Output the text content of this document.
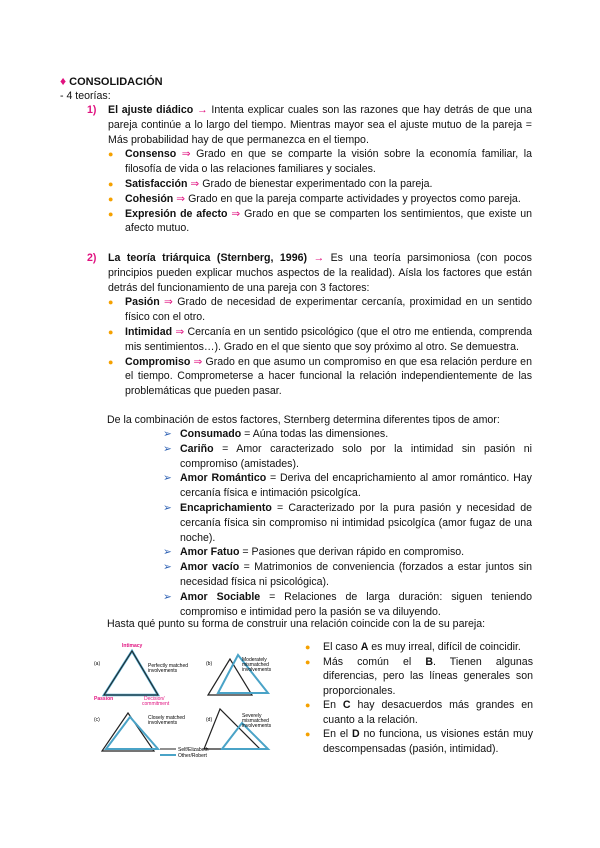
♦ CONSOLIDACIÓN
- 4 teorías:
1) El ajuste diádico → Intenta explicar cuales son las razones que hay detrás de que una pareja continúe a lo largo del tiempo. Mientras mayor sea el ajuste mutuo de la pareja = Más probabilidad hay de que permanezca en el tiempo.
● Consenso ⇒ Grado en que se comparte la visión sobre la economía familiar, la filosofía de vida o las relaciones familiares y sociales.
● Satisfacción ⇒ Grado de bienestar experimentado con la pareja.
● Cohesión ⇒ Grado en que la pareja comparte actividades y proyectos como pareja.
● Expresión de afecto ⇒ Grado en que se comparten los sentimientos, que existe un afecto mutuo.
2) La teoría triárquica (Sternberg, 1996) → Es una teoría parsimoniosa (con pocos principios pueden explicar muchos aspectos de la realidad). Aísla los factores que están detrás del funcionamiento de una pareja con 3 factores:
● Pasión ⇒ Grado de necesidad de experimentar cercanía, proximidad en un sentido físico con el otro.
● Intimidad ⇒ Cercanía en un sentido psicológico (que el otro me entienda, comprenda mis sentimientos…). Grado en el que siento que soy próximo al otro. Se demuestra.
● Compromiso ⇒ Grado en que asumo un compromiso en que esa relación perdure en el tiempo. Comprometerse a hacer funcional la relación independientemente de las problemáticas que pueden pasar.
De la combinación de estos factores, Sternberg determina diferentes tipos de amor:
➢ Consumado = Aúna todas las dimensiones.
➢ Cariño = Amor caracterizado solo por la intimidad sin pasión ni compromiso (amistades).
➢ Amor Romántico = Deriva del encaprichamiento al amor romántico. Hay cercanía física e intimación psicolgíca.
➢ Encaprichamiento = Caracterizado por la pura pasión y necesidad de cercanía física sin compromiso ni intimidad psicolgíca (amor fugaz de una noche).
➢ Amor Fatuo = Pasiones que derivan rápido en compromiso.
➢ Amor vacío = Matrimonios de conveniencia (forzados a estar juntos sin necesidad física ni psicológica).
➢ Amor Sociable = Relaciones de larga duración: siguen teniendo compromiso e intimidad pero la pasión se va diluyendo.
Hasta qué punto su forma de construir una relación coincide con la de su pareja:
(a)
Intimacy
Passion	Decision/
commitment
Perfectly matched
involvements
(b)
Moderately
mismatched
involvements
(c)	Closely matched
involvements	(d)
Severely
mismatched
involvements
Self/Elizabeth
Other/Robert
● El caso A es muy irreal, difícil de coincidir.
● Más común el B. Tienen algunas diferencias, pero las líneas generales son proporcionales.
● En C hay desacuerdos más grandes en cuanto a la relación.
● En el D no funciona, us visiones están muy descompensadas (pasión, intimidad).
